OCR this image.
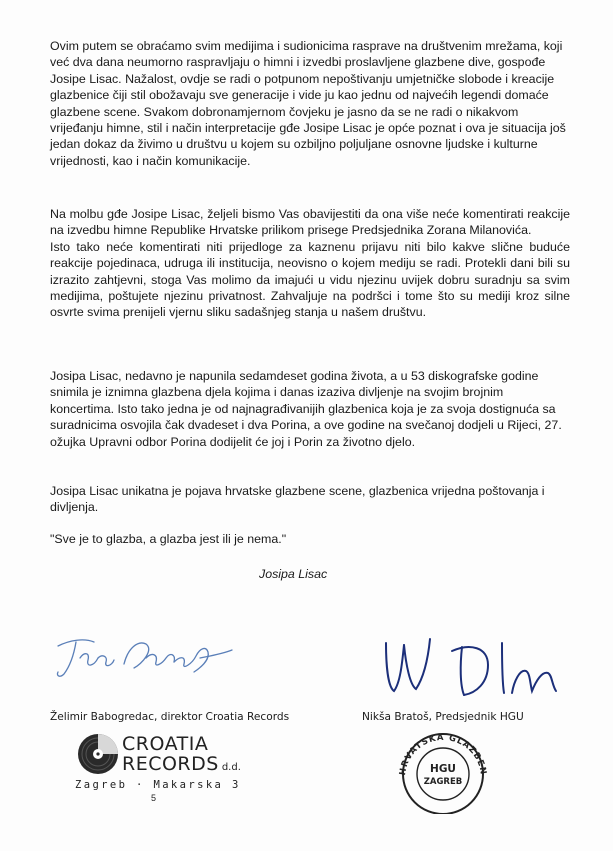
Ovim putem se obraćamo svim medijima i sudionicima rasprave na društvenim mrežama, koji već dva dana neumorno raspravljaju o himni i izvedbi proslavljene glazbene dive, gospođe Josipe Lisac. Nažalost, ovdje se radi o potpunom nepoštivanju umjetničke slobode i kreacije glazbenice čiji stil obožavaju sve generacije i vide ju kao jednu od najvećih legendi domaće glazbene scene. Svakom dobronamjernom čovjeku je jasno da se ne radi o nikakvom vrijeđanju himne, stil i način interpretacije gđe Josipe Lisac je opće poznat i ova je situacija još jedan dokaz da živimo u društvu u kojem su ozbiljno poljuljane osnovne ljudske i kulturne vrijednosti, kao i način komunikacije.

Na molbu gđe Josipe Lisac, željeli bismo Vas obavijestiti da ona više neće komentirati reakcije na izvedbu himne Republike Hrvatske prilikom prisege Predsjednika Zorana Milanovića.

Isto tako neće komentirati niti prijedloge za kaznenu prijavu niti bilo kakve slične buduće reakcije pojedinaca, udruga ili institucija, neovisno o kojem mediju se radi. Protekli dani bili su izrazito zahtjevni, stoga Vas molimo da imajući u vidu njezinu uvijek dobru suradnju sa svim medijima, poštujete njezinu privatnost. Zahvaljuje na podršci i tome što su mediji kroz silne osvrte svima prenijeli vjernu sliku sadašnjeg stanja u našem društvu.

Josipa Lisac, nedavno je napunila sedamdeset godina života, a u 53 diskografske godine snimila je iznimna glazbena djela kojima i danas izaziva divljenje na svojim brojnim koncertima. Isto tako jedna je od najnagrađivanijih glazbenica koja je za svoja dostignuća sa suradnicima osvojila čak dvadeset i dva Porina, a ove godine na svečanoj dodjeli u Rijeci, 27. ožujka Upravni odbor Porina dodijelit će joj i Porin za životno djelo.

Josipa Lisac unikatna je pojava hrvatske glazbene scene, glazbenica vrijedna poštovanja i divljenja.

"Sve je to glazba, a glazba jest ili je nema."
Josipa Lisac
Želimir Babogredac, direktor Croatia Records	Nikša Bratoš, Predsjednik HGU
CROATIA
RECORDS d.d.
Zagreb · Makarska 3
5
HRVATSKA GLAZBEN
HGU
ZAGREB
